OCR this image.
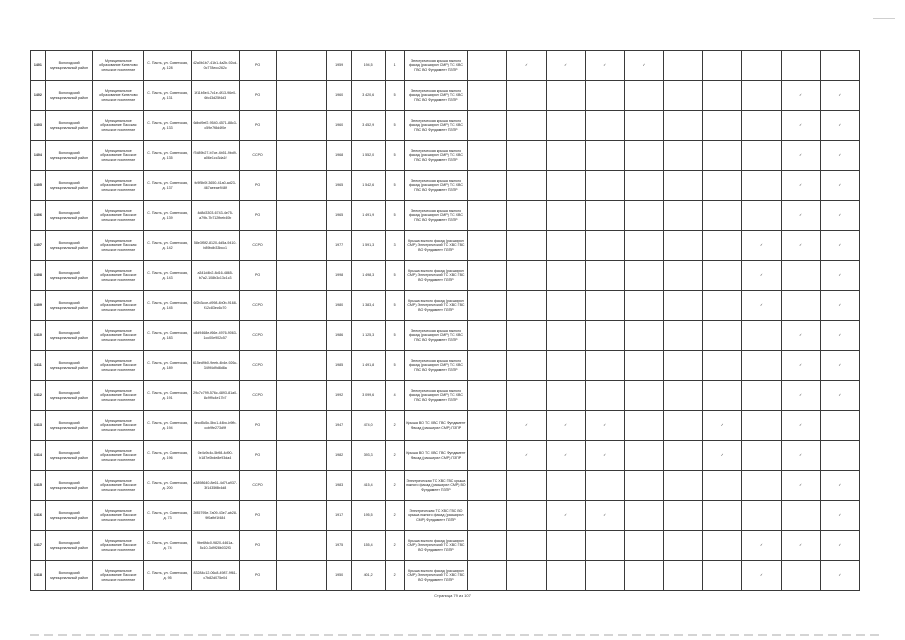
1401	Вологодский муниципальный район	Муниципальное образование Кипелово сельское поселение	С. Пасть, ул. Советская, д. 128	42a0b1b7-41b1-4a2b-92cd-0c778ecc262c	РО		1959	194,5	1	Электрическая крыша южного фасад (расширил СМР) ТС ХВС ГВС ВО Фундамент ПЗПР		✓	✓	✓	✓					
1402	Вологодский муниципальный район	Муниципальное образование Кипелово сельское поселение	С. Пасть, ул. Советская, д. 131	1f11b5e4-7c1e-4f13-96e0-6fc43d25f4d3	РО		1960	3 420,6	5	Электрическая крыша южного фасад (расширил СМР) ТС ХВС ГВС ВО Фундамент ПЗПР									✓	✓
1403	Вологодский муниципальный район	Муниципальное образование Пасская сельское поселение	С. Пасть, ул. Советская, д. 133	6dbd9ef2-9540-4571-88c3-c59e7f8d4f0e	РО		1960	3 452,9	5	Электрическая крыша южного фасад (расширил СМР) ТС ХВС ГВС ВО Фундамент ПЗПР									✓	✓
1404	Вологодский муниципальный район	Муниципальное образование Пасское сельское поселение	С. Пасть, ул. Советская, д. 135	f7d89b27-b7ce-4b51-9bd9-a06e1cc3da1f	ССРО		1968	1 552,0	5	Электрическая крыша южного фасад (расширил СМР) ТС ХВС ГВС ВО Фундамент ПЗПР									✓	✓
1405	Вологодский муниципальный район	Муниципальное образование Пасское сельское поселение	С. Пасть, ул. Советская, д. 137	fc9f5b0f-3650-41a0-ad23-467aeeae948f	РО		1965	1 542,6	5	Электрическая крыша южного фасад (расширил СМР) ТС ХВС ГВС ВО Фундамент ПЗПР									✓	✓
1406	Вологодский муниципальный район	Муниципальное образование Пасское сельское поселение	С. Пасть, ул. Советская, д. 139	4d8d3303-6743-4e75-a79b-7b712fbeb40b	РО		1965	1 491,9	5	Электрическая крыша южного фасад (расширил СМР) ТС ХВС ГВС ВО Фундамент ПЗПР									✓	✓
1407	Вологодский муниципальный район	Муниципальное образование Пасская сельское поселение	С. Пасть, ул. Советская, д. 142	58e3f5f2-8120-4d5a-9410-b89bdb33bcc1	ССРО		1977	1 591,3	3	Крыша южного фасад (расширил СМР) Электрический ТС ХВС ГВС ВО Фундамент ПЗПР								✓	✓	✓
1408	Вологодский муниципальный район	Муниципальное образование Пасское сельское поселение	С. Пасть, ул. Советская, д. 143	a341d4b2-8d16-4865-b7a2-108b3c13c1c3	РО		1998	1 498,3	5	Крыша южного фасад (расширил СМР) Электрический ТС ХВС ГВС ВО Фундамент ПЗПР								✓		✓
1409	Вологодский муниципальный район	Муниципальное образование Пасское сельское поселение	С. Пасть, ул. Советская, д. 145	6f2b3cce-d998-4b0b-9168-f12c83ec6c70	ССРО		1980	1 383,4	5	Крыша южного фасад (расширил СМР) Электрический ТС ХВС ГВС ВО Фундамент ПЗПР								✓		✓
1410	Вологодский муниципальный район	Муниципальное образование Пасское сельское поселение	С. Пасть, ул. Советская, д. 183	c8d9468e-f66e-4976-9063-1cc00e902c57	ССРО		1986	1 125,3	5	Электрическая крыша южного фасад (расширил СМР) ТС ХВС ГВС ВО Фундамент ПЗПР									✓	✓
1411	Вологодский муниципальный район	Муниципальное образование Пасское сельское поселение	С. Пасть, ул. Советская, д. 189	615ed9b0-9eeb-4b4e-926c-349f4d9d8d8a	ССРО		1985	1 491,8	5	Электрическая крыша южного фасад (расширил СМР) ТС ХВС ГВС ВО Фундамент ПЗПР									✓	✓
1412	Вологодский муниципальный район	Муниципальное образование Пасское сельское поселение	С. Пасть, ул. Советская, д. 191	29c7c799-576c-4893-81a0-8c9f9c4e17b7	ССРО		1992	3 099,6	4	Электрическая крыша южного фасад (расширил СМР) ТС ХВС ГВС ВО Фундамент ПЗПР									✓	✓
1413	Вологодский муниципальный район	Муниципальное образование Пасское сельское поселение	С. Пасть, ул. Советская, д. 194	4ecd5c5c-5bc1-44bc-b9fb-ccb9fe273d9f	РО		1947	474,0	2	Крыша ВО ТС ХВС ГВС Фундамент Фасад (расширил СМР) ПЗПР		✓	✓	✓			✓		✓	
1414	Вологодский муниципальный район	Муниципальное образование Пасское сельское поселение	С. Пасть, ул. Советская, д. 196	0e4c9c4c-5b98-4d90-b187e0bde8e93da4	РО		1982	393,3	2	Крыша ВО ТС ХВС ГВС Фундамент Фасад (расширил СМР) ПЗПР		✓	✓	✓			✓		✓	
1415	Вологодский муниципальный район	Муниципальное образование Пасское сельское поселение	С. Пасть, ул. Советская, д. 200	a3898640-8e61-4d7f-a937-3f1435f8b4d8	ССРО		1983	415,4	2	Электрическая ТС ХВС ГВС крыша южного фасад (расширил СМР) ВО Фундамент ПЗПР									✓	✓
1416	Вологодский муниципальный район	Муниципальное образование Пасское сельское поселение	С. Пасть, ул. Советская, д. 73	2f85795e-7a09-43e7-ab28-9f0afbf1f484	РО		1917	195,5	2	Электрическая ТС ХВС ГВС ВО крыша южного фасад (расширил СМР) Фундамент ПЗПР			✓	✓						✓
1417	Вологодский муниципальный район	Муниципальное образование Пасское сельское поселение	С. Пасть, ул. Советская, д. 74	9be6fdc0-9820-4461a-5c10-3d9f28b032f3	РО		1975	155,4	2	Крыша южного фасад (расширил СМР) Электрический ТС ХВС ГВС ВО Фундамент ПЗПР								✓	✓	✓
1418	Вологодский муниципальный район	Муниципальное образование Пасское сельское поселение	С. Пасть, ул. Советская, д. 95	83284c12-06c8-4987-9f61-c7b82d075e04	РО		1950	401,2	2	Крыша южного фасад (расширил СМР) Электрический ТС ХВС ГВС ВО Фундамент ПЗПР								✓		✓
Страница 79 из 107
